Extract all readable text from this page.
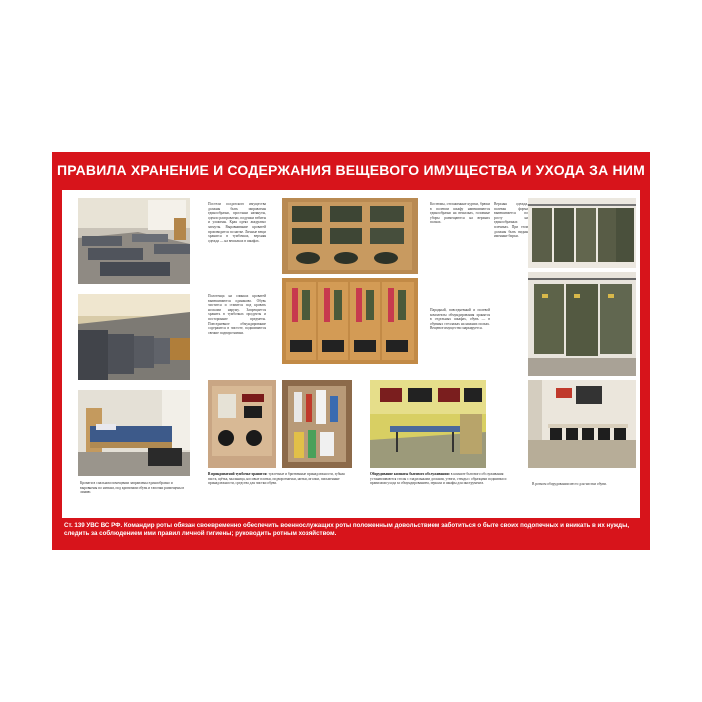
ПРАВИЛА ХРАНЕНИЕ И СОДЕРЖАНИЯ ВЕЩЕВОГО ИМУЩЕСТВА И УХОДА ЗА НИМ
Кровати в спальном помещении заправлены единообразно и выровнены по ниткам, под кроватями обувь и тапочки размещены в линию.
Постели солдатского имущества должны быть заправлены единообразно, простыни натянуты, одеяло расправлено, подушки взбиты и уложены. Края одеял аккуратно загнуты. Выравнивание кроватей производится по нитке. Личные вещи хранятся в тумбочках, верхняя одежда — на вешалках в шкафах.
Полотенца на спинках кроватей вывешиваются одинаково. Обувь чистится и ставится под кровать носками наружу. Запрещается хранить в тумбочках продукты и посторонние предметы. Повседневное обмундирование содержится в чистоте, подшиваются свежие подворотнички.
В прикроватной тумбочке хранятся: туалетные и бритвенные принадлежности, зубная паста, щётка, мыльница, носовые платки, подворотнички, нитки, иголки, письменные принадлежности, средства для чистки обуви.
Костюмы, отглаженные куртки, брюки в полевом шкафу навешиваются единообразно на вешалках, головные уборы размещаются на верхних полках.
Парадный, повседневный и полевой комплекты обмундирования хранятся в отдельных шкафах, обувь — в обувных стеллажах на нижних полках. Вещевое имущество маркируется.
Оборудование комнаты бытового обслуживания: в комнате бытового обслуживания устанавливаются столы с гладильными досками, утюги, стенды с образцами подшивки и правилами ухода за обмундированием, зеркала и шкафы для инструмента.
Верхняя одежда, полевая форма вывешивается по росту на единообразных плечиках. При этом должны быть видны именные бирки.
В ротном оборудовании место для чистки обуви.
Ст. 139 УВС ВС РФ. Командир роты обязан своевременно обеспечить военнослужащих роты положенным довольствием заботиться о быте своих подопечных и вникать в их нужды, следить за соблюдением ими правил личной гигиены; руководить ротным хозяйством.
